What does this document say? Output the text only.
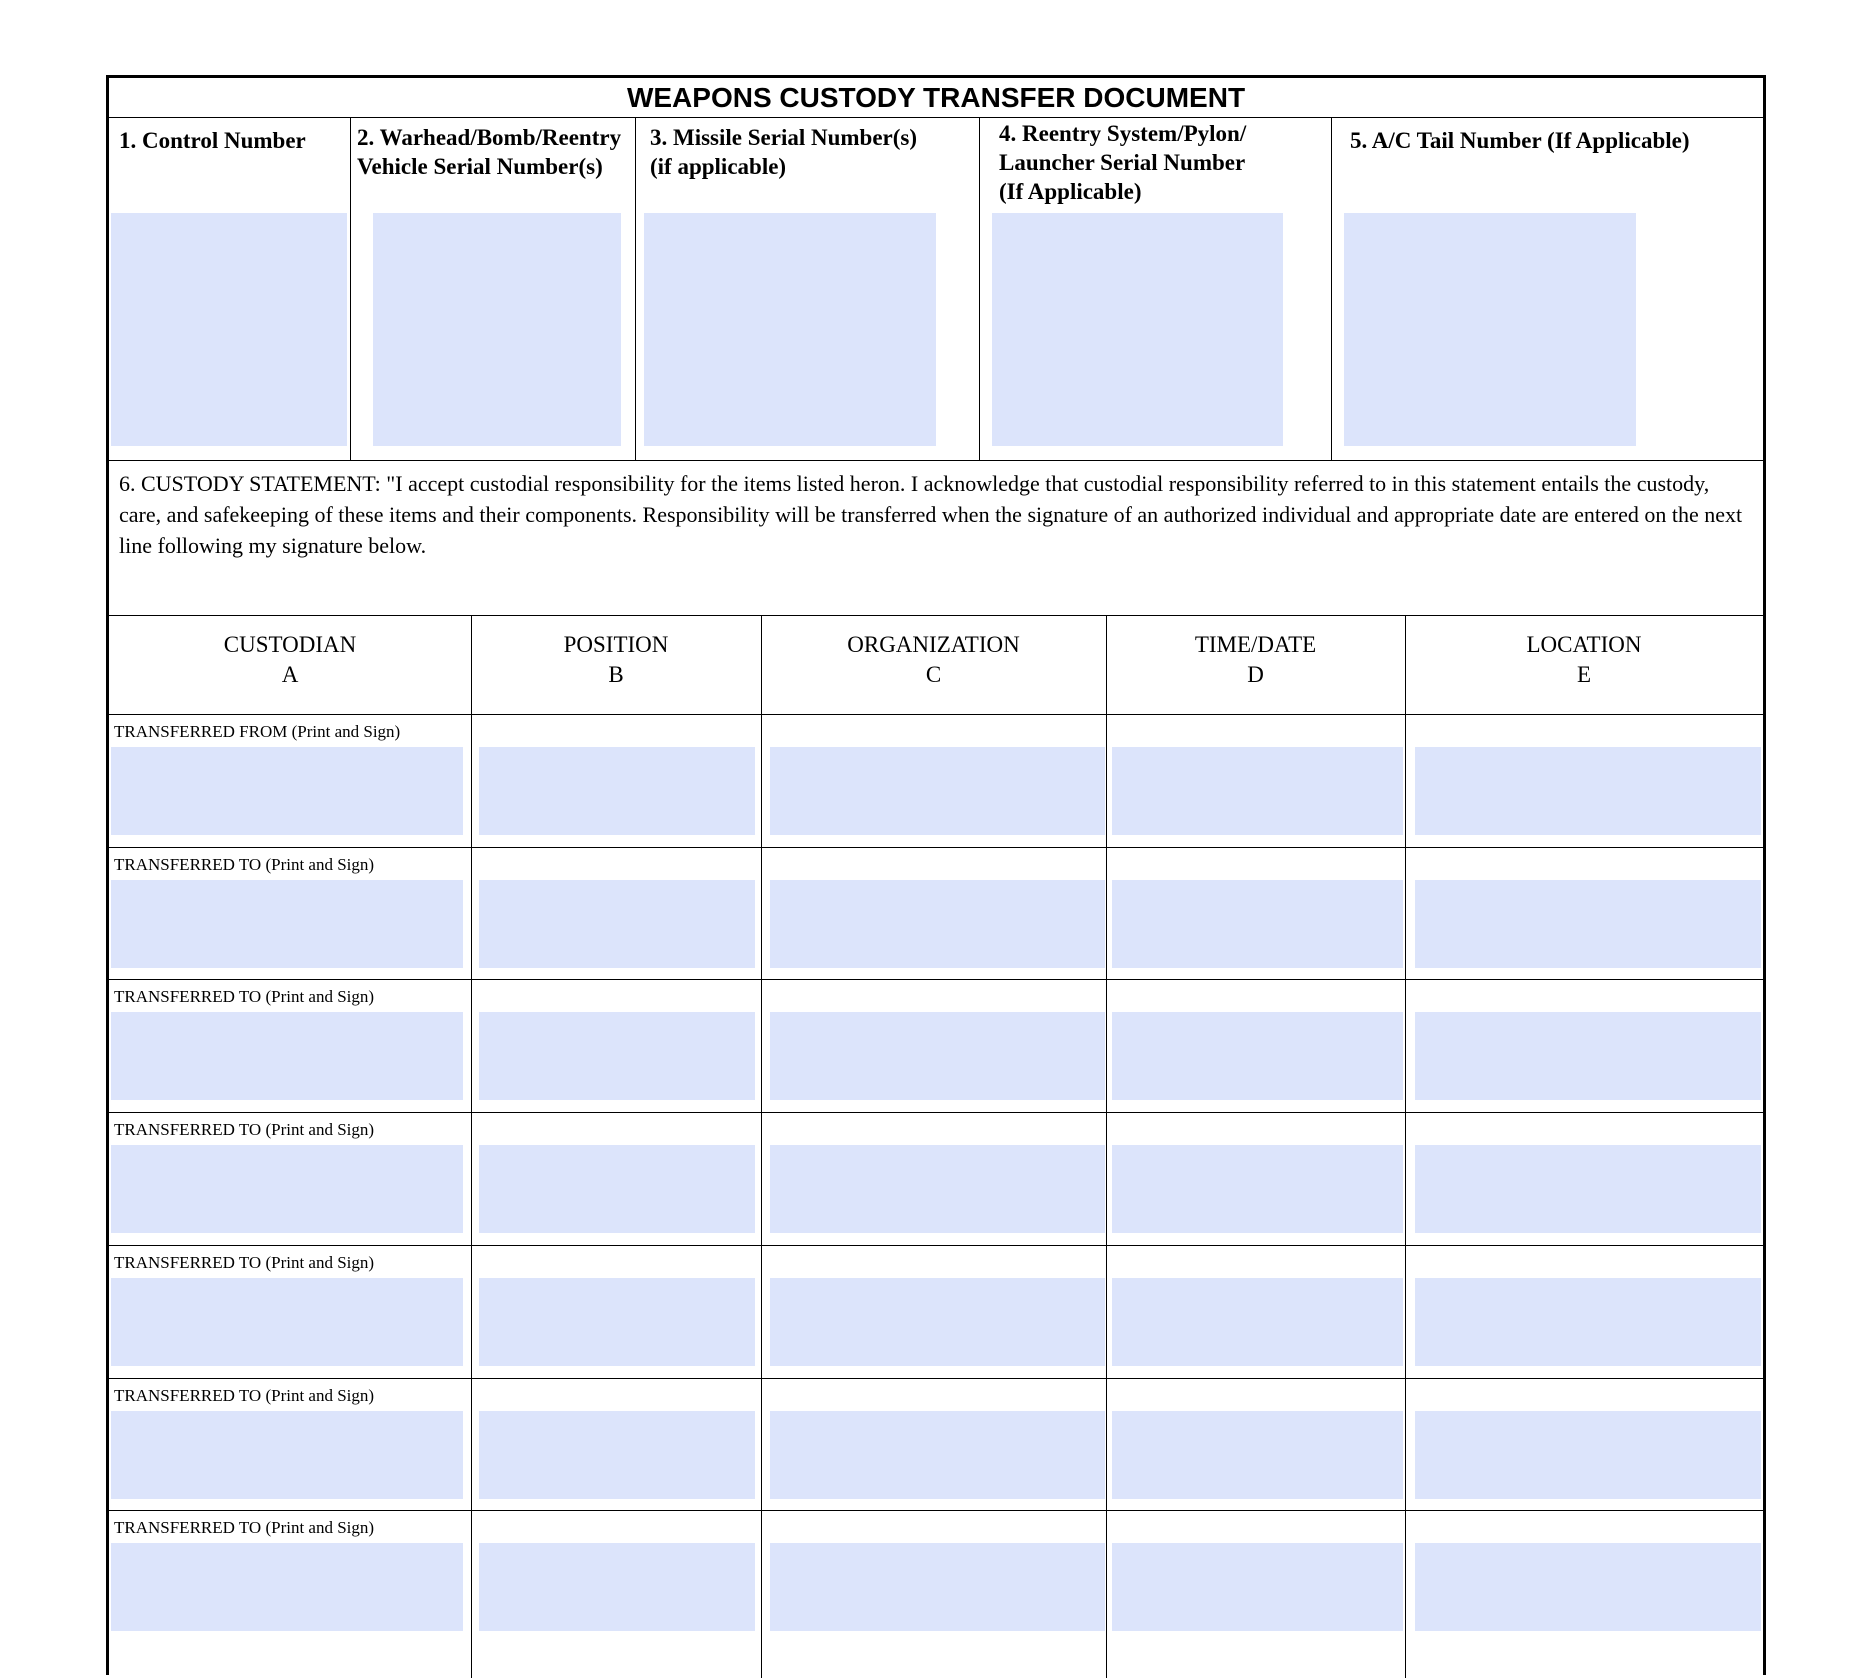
WEAPONS CUSTODY TRANSFER DOCUMENT
1. Control Number 2. Warhead/Bomb/Reentry
Vehicle Serial Number(s)
3. Missile Serial Number(s)
(if applicable)
4. Reentry System/Pylon/
Launcher Serial Number
(If Applicable)
5. A/C Tail Number (If Applicable)
6. CUSTODY STATEMENT: "I accept custodial responsibility for the items listed heron. I acknowledge that custodial responsibility referred to in this statement entails the custody, care, and safekeeping of these items and their components. Responsibility will be transferred when the signature of an authorized individual and appropriate date are entered on the next line following my signature below.
CUSTODIAN
A
POSITION
B
ORGANIZATION
C
TIME/DATE
D
LOCATION
E
TRANSFERRED FROM (Print and Sign)
TRANSFERRED TO (Print and Sign)
TRANSFERRED TO (Print and Sign)
TRANSFERRED TO (Print and Sign)
TRANSFERRED TO (Print and Sign)
TRANSFERRED TO (Print and Sign)
TRANSFERRED TO (Print and Sign)
